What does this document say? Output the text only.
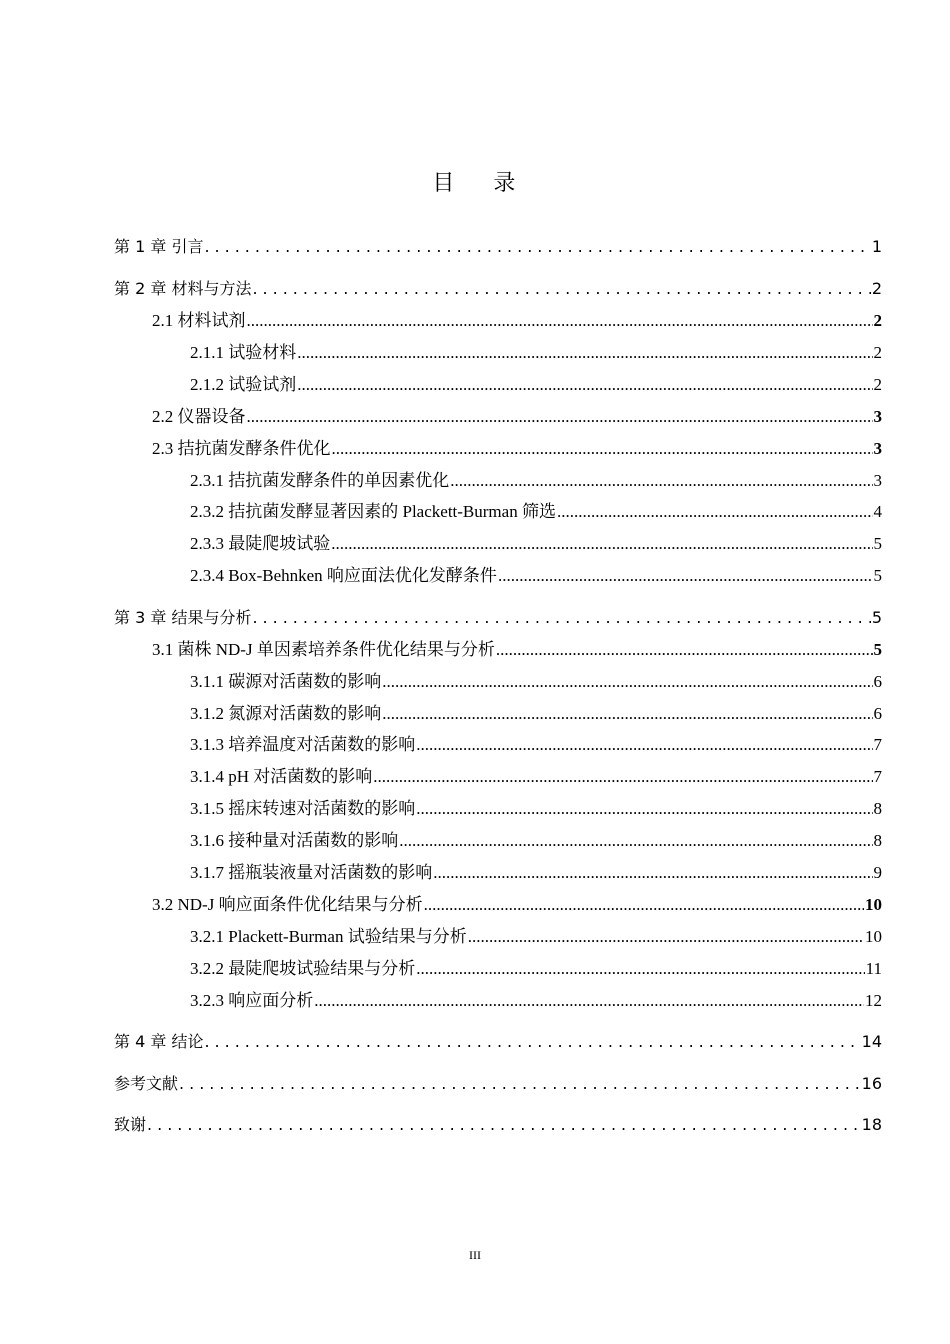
目    录
第 1 章 引言 .....	1
第 2 章 材料与方法 .....	2
2.1 材料试剂 .....	2
2.1.1 试验材料 .....	2
2.1.2 试验试剂 .....	2
2.2 仪器设备 .....	3
2.3 拮抗菌发酵条件优化 .....	3
2.3.1 拮抗菌发酵条件的单因素优化 .....	3
2.3.2 拮抗菌发酵显著因素的 Plackett-Burman 筛选 .....	4
2.3.3 最陡爬坡试验 .....	5
2.3.4 Box-Behnken 响应面法优化发酵条件 .....	5
第 3 章 结果与分析 .....	5
3.1 菌株 ND-J 单因素培养条件优化结果与分析 .....	5
3.1.1 碳源对活菌数的影响 .....	6
3.1.2 氮源对活菌数的影响 .....	6
3.1.3 培养温度对活菌数的影响 .....	7
3.1.4 pH 对活菌数的影响 .....	7
3.1.5 摇床转速对活菌数的影响 .....	8
3.1.6 接种量对活菌数的影响 .....	8
3.1.7 摇瓶装液量对活菌数的影响 .....	9
3.2 ND-J 响应面条件优化结果与分析 .....	10
3.2.1 Plackett-Burman 试验结果与分析 .....	10
3.2.2 最陡爬坡试验结果与分析 .....	11
3.2.3 响应面分析 .....	12
第 4 章 结论 .....	14
参考文献 .....	16
致谢 .....	18
III
